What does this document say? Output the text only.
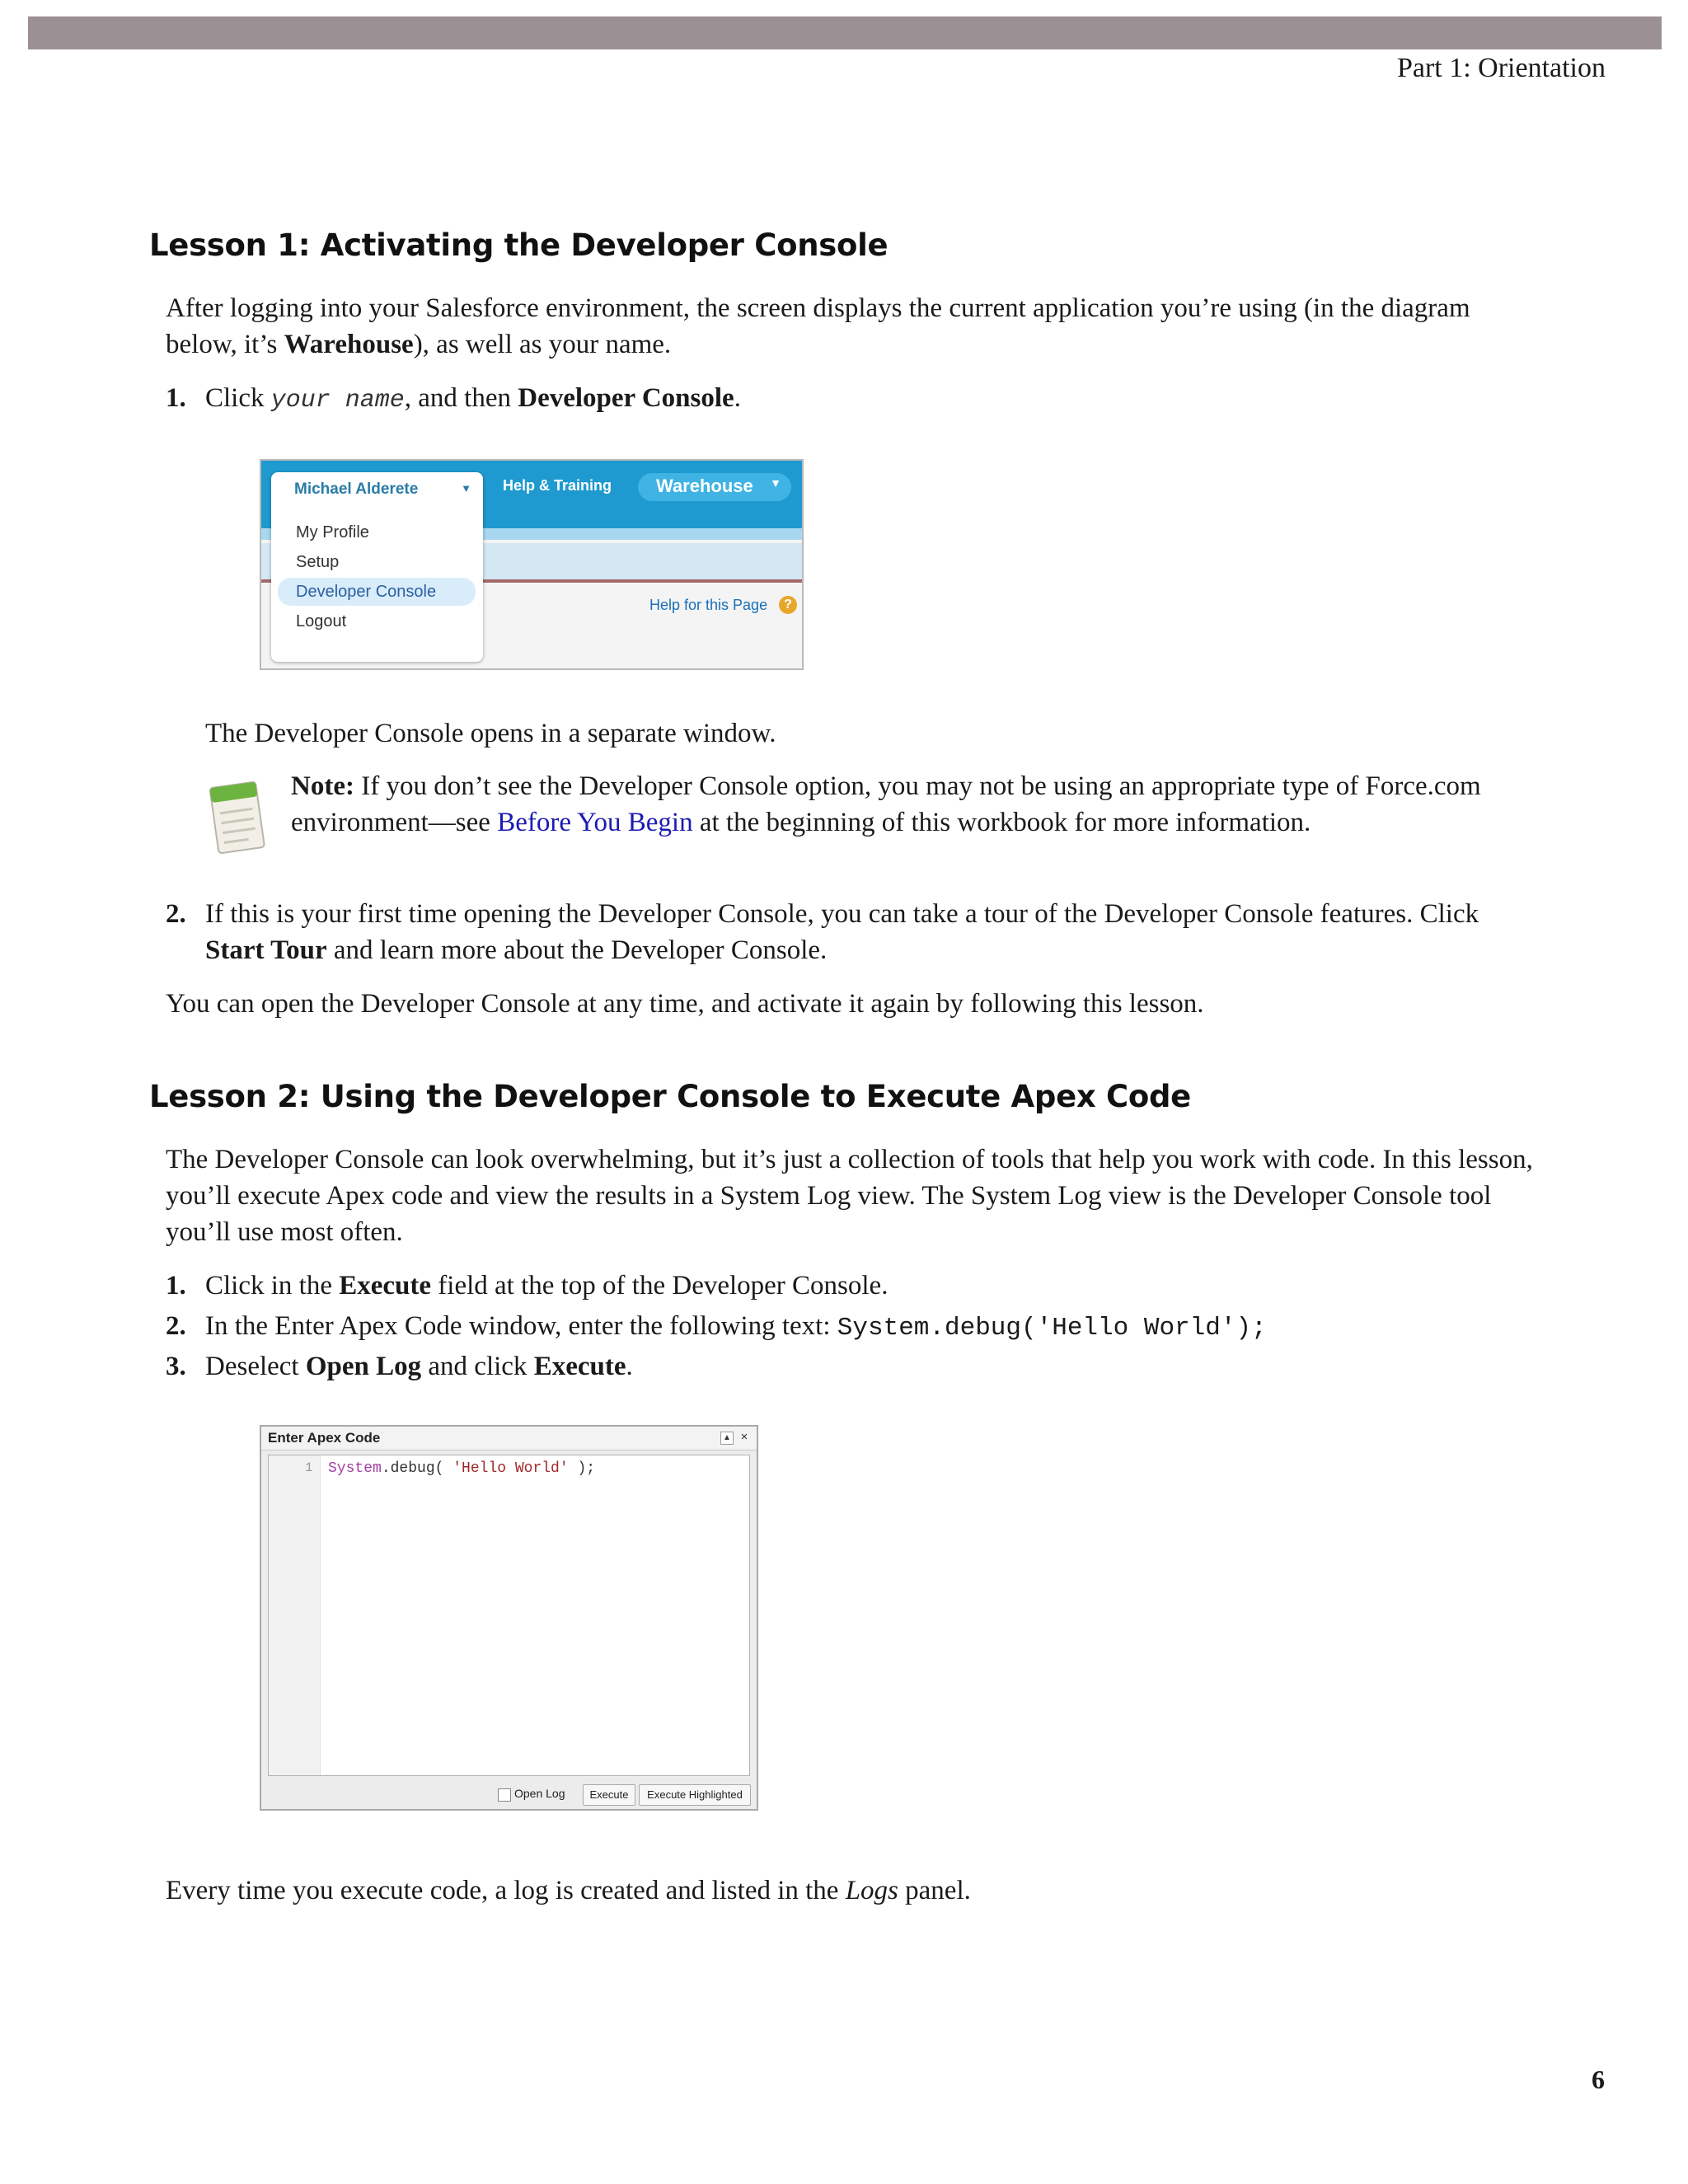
Part 1: Orientation
Lesson 1: Activating the Developer Console
After logging into your Salesforce environment, the screen displays the current application you’re using (in the diagram below, it’s Warehouse), as well as your name.
1. Click your name, and then Developer Console.
Help & Training	Warehouse ▼
Help for this Page	?
Michael Alderete	▼
My Profile
Setup
Developer Console
Logout
The Developer Console opens in a separate window.
Note: If you don’t see the Developer Console option, you may not be using an appropriate type of Force.com environment—see Before You Begin at the beginning of this workbook for more information.
2. If this is your first time opening the Developer Console, you can take a tour of the Developer Console features. Click Start Tour and learn more about the Developer Console.
You can open the Developer Console at any time, and activate it again by following this lesson.
Lesson 2: Using the Developer Console to Execute Apex Code
The Developer Console can look overwhelming, but it’s just a collection of tools that help you work with code. In this lesson, you’ll execute Apex code and view the results in a System Log view. The System Log view is the Developer Console tool you’ll use most often.
1. Click in the Execute field at the top of the Developer Console.
2. In the Enter Apex Code window, enter the following text: System.debug('Hello World');
3. Deselect Open Log and click Execute.
Enter Apex Code	▲ ×
1 System.debug( 'Hello World' );
Open Log	Execute	Execute Highlighted
Every time you execute code, a log is created and listed in the Logs panel.
6
